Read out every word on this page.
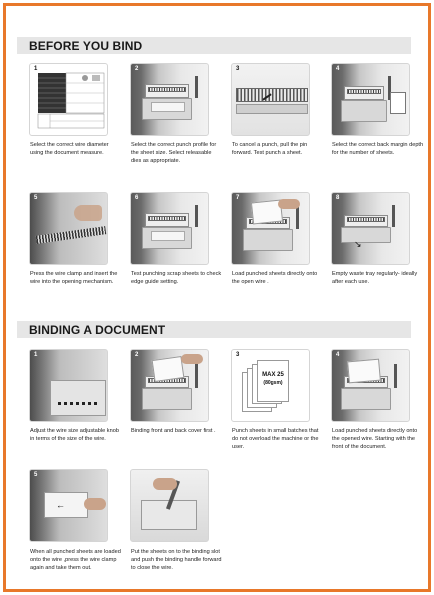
BEFORE YOU BIND
1	2	3	4
Select the correct wire diameter using the document measure.
Select the correct punch profile for the sheet size. Select releasable dies as appropriate.
To cancel a punch, pull the pin forward. Test punch a sheet.
Select the correct back margin depth for the number of sheets.
5	6	7	8
↘
Press the wire clamp and insert the wire into the opening mechanism.
Test punching scrap sheets to check edge guide setting.
Load punched sheets directly onto the open wire .
Empty waste tray regularly- ideally after each use.
BINDING A DOCUMENT
1	2	3
MAX 25
(80gsm)
4
Adjust the wire size adjustable knob in terms of the size of the wire.
Binding front and back cover first .	Punch sheets in small batches that do not overload the machine or the user.
Load punched sheets directly onto the opened wire. Starting with the front of the document.
5
←
When all punched sheets are loaded onto the wire ,press the wire clamp again and take them out.
Put the sheets on to the binding slot and push the binding handle forward to close the wire.
